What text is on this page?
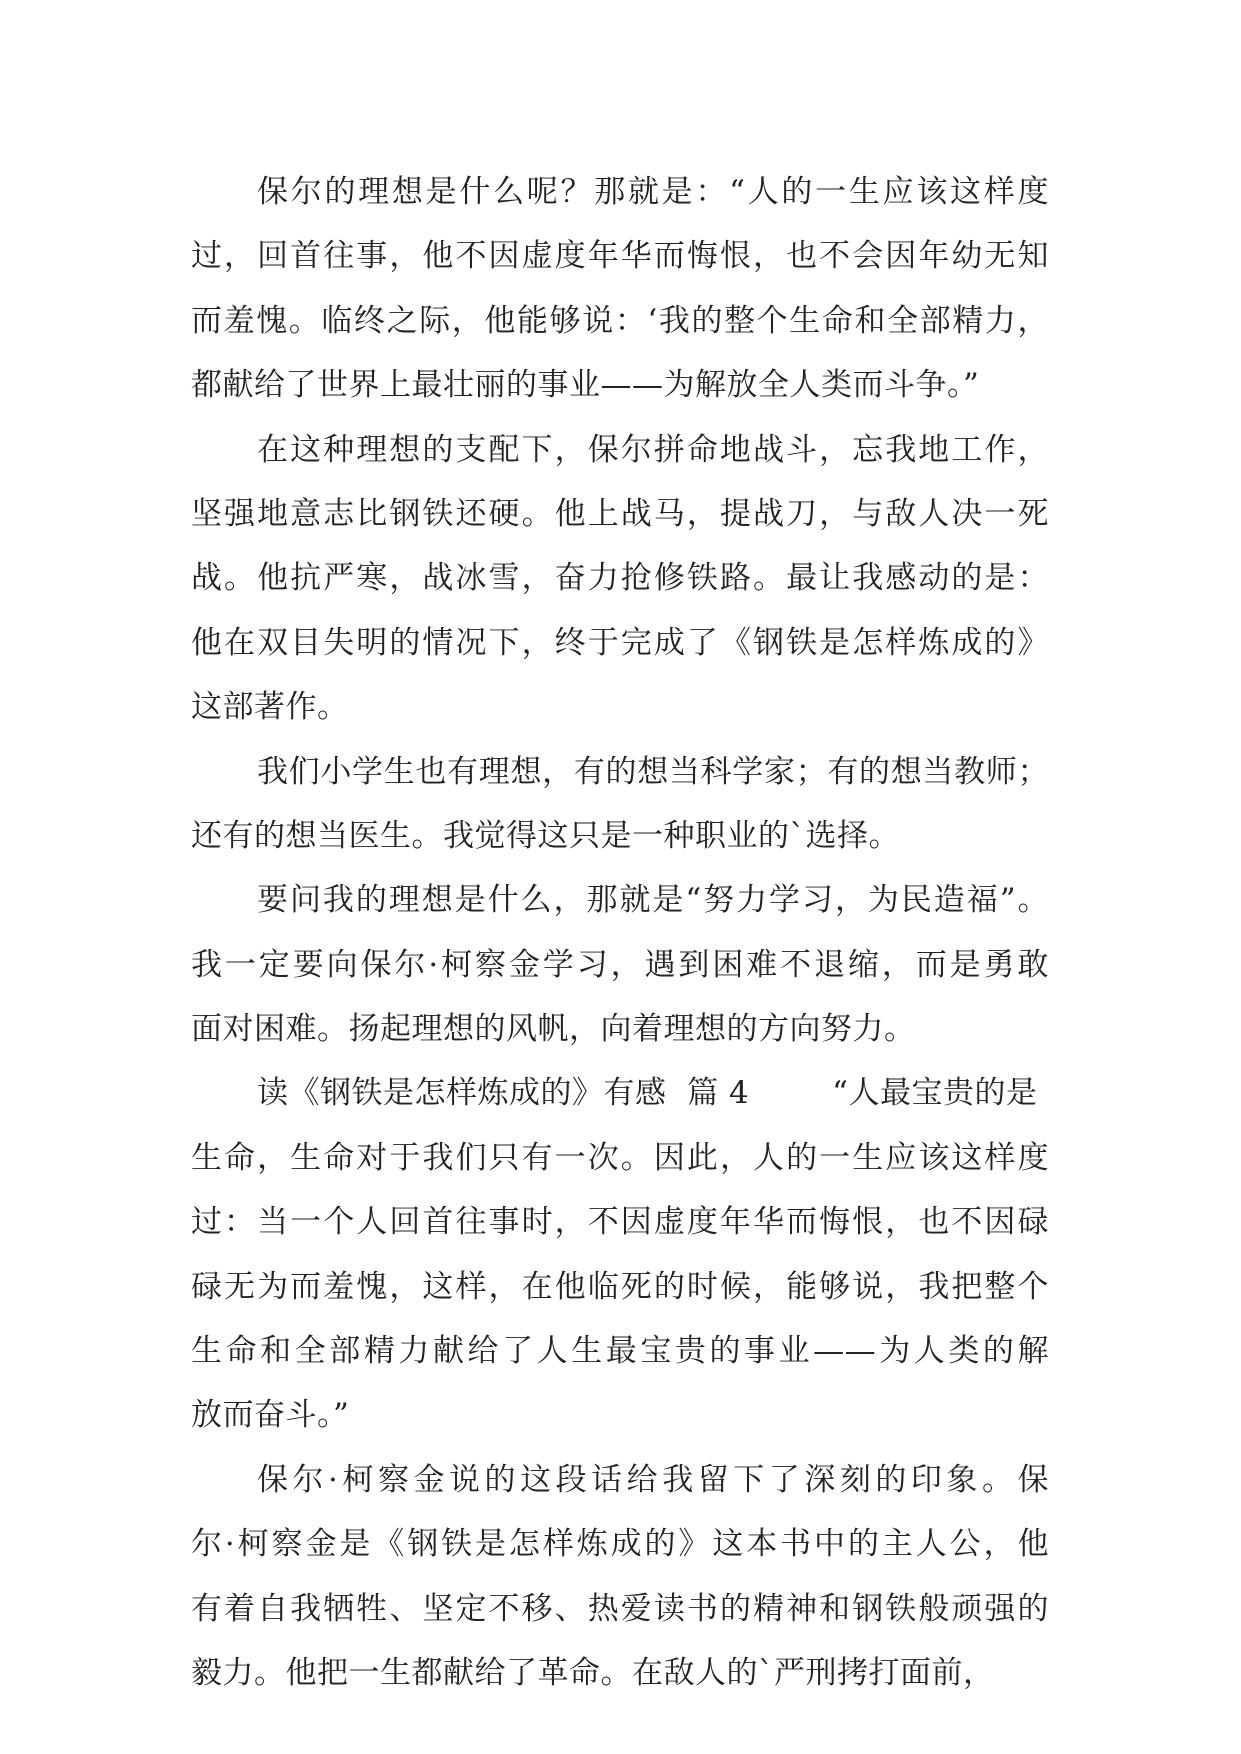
保尔的理想是什么呢？那就是：“人的一生应该这样度
过，回首往事，他不因虚度年华而悔恨，也不会因年幼无知
而羞愧。临终之际，他能够说：‘我的整个生命和全部精力，
都献给了世界上最壮丽的事业——为解放全人类而斗争。”
在这种理想的支配下，保尔拼命地战斗，忘我地工作，
坚强地意志比钢铁还硬。他上战马，提战刀，与敌人决一死
战。他抗严寒，战冰雪，奋力抢修铁路。最让我感动的是：
他在双目失明的情况下，终于完成了《钢铁是怎样炼成的》
这部著作。
我们小学生也有理想，有的想当科学家；有的想当教师；
还有的想当医生。我觉得这只是一种职业的`选择。
要问我的理想是什么，那就是“努力学习，为民造福”。
我一定要向保尔·柯察金学习，遇到困难不退缩，而是勇敢
面对困难。扬起理想的风帆，向着理想的方向努力。
读《钢铁是怎样炼成的》有感  篇 4        “人最宝贵的是
生命，生命对于我们只有一次。因此，人的一生应该这样度
过：当一个人回首往事时，不因虚度年华而悔恨，也不因碌
碌无为而羞愧，这样，在他临死的时候，能够说，我把整个
生命和全部精力献给了人生最宝贵的事业——为人类的解
放而奋斗。”
保尔·柯察金说的这段话给我留下了深刻的印象。保
尔·柯察金是《钢铁是怎样炼成的》这本书中的主人公，他
有着自我牺牲、坚定不移、热爱读书的精神和钢铁般顽强的
毅力。他把一生都献给了革命。在敌人的`严刑拷打面前，
